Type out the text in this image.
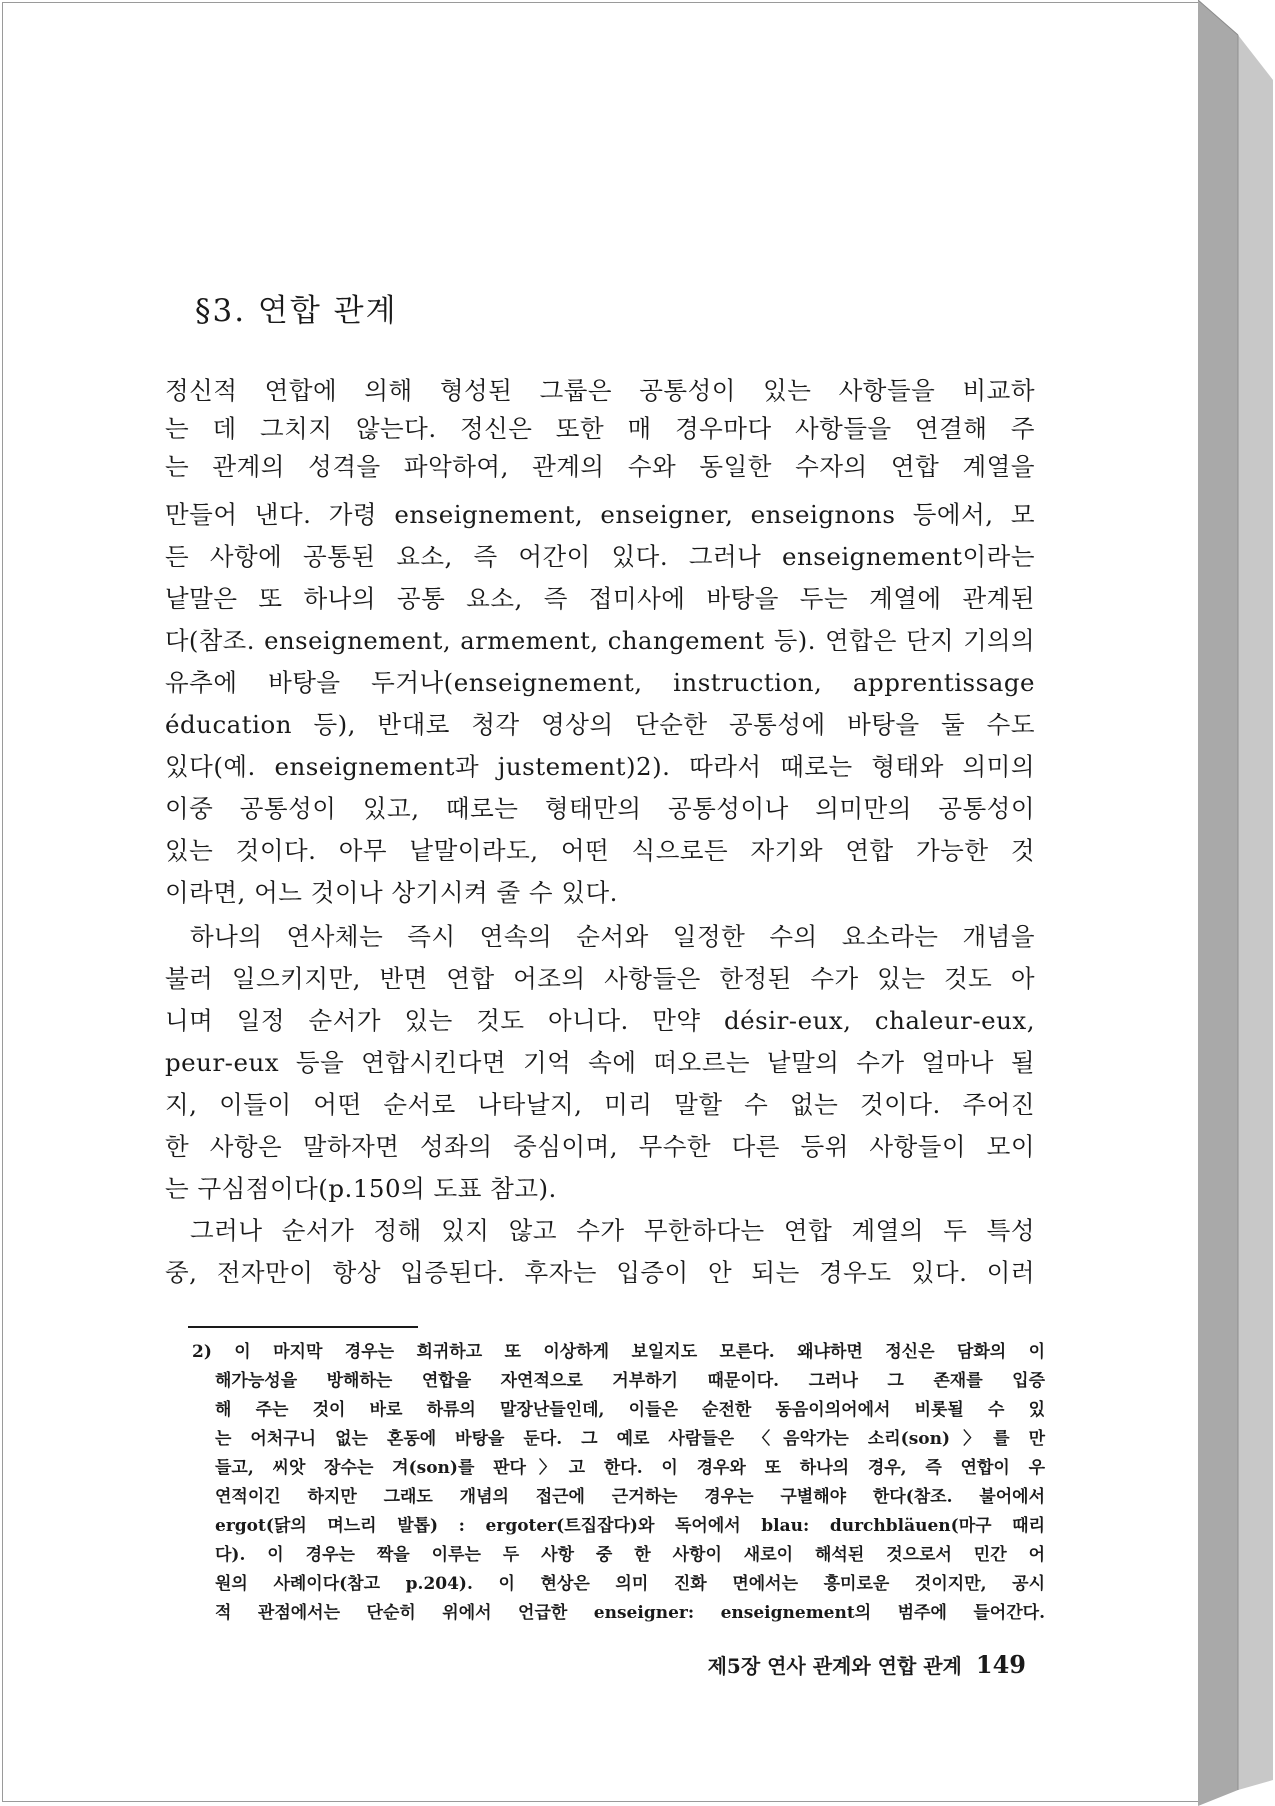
§3. 연합 관계
정신적 연합에 의해 형성된 그룹은 공통성이 있는 사항들을 비교하
는 데 그치지 않는다. 정신은 또한 매 경우마다 사항들을 연결해 주
는 관계의 성격을 파악하여, 관계의 수와 동일한 수자의 연합 계열을
만들어 낸다. 가령 enseignement, enseigner, enseignons 등에서, 모
든 사항에 공통된 요소, 즉 어간이 있다. 그러나 enseignement이라는
낱말은 또 하나의 공통 요소, 즉 접미사에 바탕을 두는 계열에 관계된
다(참조. enseignement, armement, changement 등). 연합은 단지 기의의
유추에 바탕을 두거나(enseignement, instruction, apprentissage
éducation 등), 반대로 청각 영상의 단순한 공통성에 바탕을 둘 수도
있다(예. enseignement과 justement)2). 따라서 때로는 형태와 의미의
이중 공통성이 있고, 때로는 형태만의 공통성이나 의미만의 공통성이
있는 것이다. 아무 낱말이라도, 어떤 식으로든 자기와 연합 가능한 것
이라면, 어느 것이나 상기시켜 줄 수 있다.
하나의 연사체는 즉시 연속의 순서와 일정한 수의 요소라는 개념을
불러 일으키지만, 반면 연합 어조의 사항들은 한정된 수가 있는 것도 아
니며 일정 순서가 있는 것도 아니다. 만약 désir-eux, chaleur-eux,
peur-eux 등을 연합시킨다면 기억 속에 떠오르는 낱말의 수가 얼마나 될
지, 이들이 어떤 순서로 나타날지, 미리 말할 수 없는 것이다. 주어진
한 사항은 말하자면 성좌의 중심이며, 무수한 다른 등위 사항들이 모이
는 구심점이다(p.150의 도표 참고).
그러나 순서가 정해 있지 않고 수가 무한하다는 연합 계열의 두 특성
중, 전자만이 항상 입증된다. 후자는 입증이 안 되는 경우도 있다. 이러
2) 이 마지막 경우는 희귀하고 또 이상하게 보일지도 모른다. 왜냐하면 정신은 담화의 이
해가능성을 방해하는 연합을 자연적으로 거부하기 때문이다. 그러나 그 존재를 입증
해 주는 것이 바로 하류의 말장난들인데, 이들은 순전한 동음이의어에서 비롯될 수 있
는 어처구니 없는 혼동에 바탕을 둔다. 그 예로 사람들은 〈음악가는 소리(son)〉를 만
들고, 씨앗 장수는 겨(son)를 판다〉고 한다. 이 경우와 또 하나의 경우, 즉 연합이 우
연적이긴 하지만 그래도 개념의 접근에 근거하는 경우는 구별해야 한다(참조. 불어에서
ergot(닭의 며느리 발톱) : ergoter(트집잡다)와 독어에서 blau: durchbläuen(마구 때리
다). 이 경우는 짝을 이루는 두 사항 중 한 사항이 새로이 해석된 것으로서 민간 어
원의 사례이다(참고 p.204). 이 현상은 의미 진화 면에서는 흥미로운 것이지만, 공시
적 관점에서는 단순히 위에서 언급한 enseigner: enseignement의 범주에 들어간다.
제5장 연사 관계와 연합 관계 149
